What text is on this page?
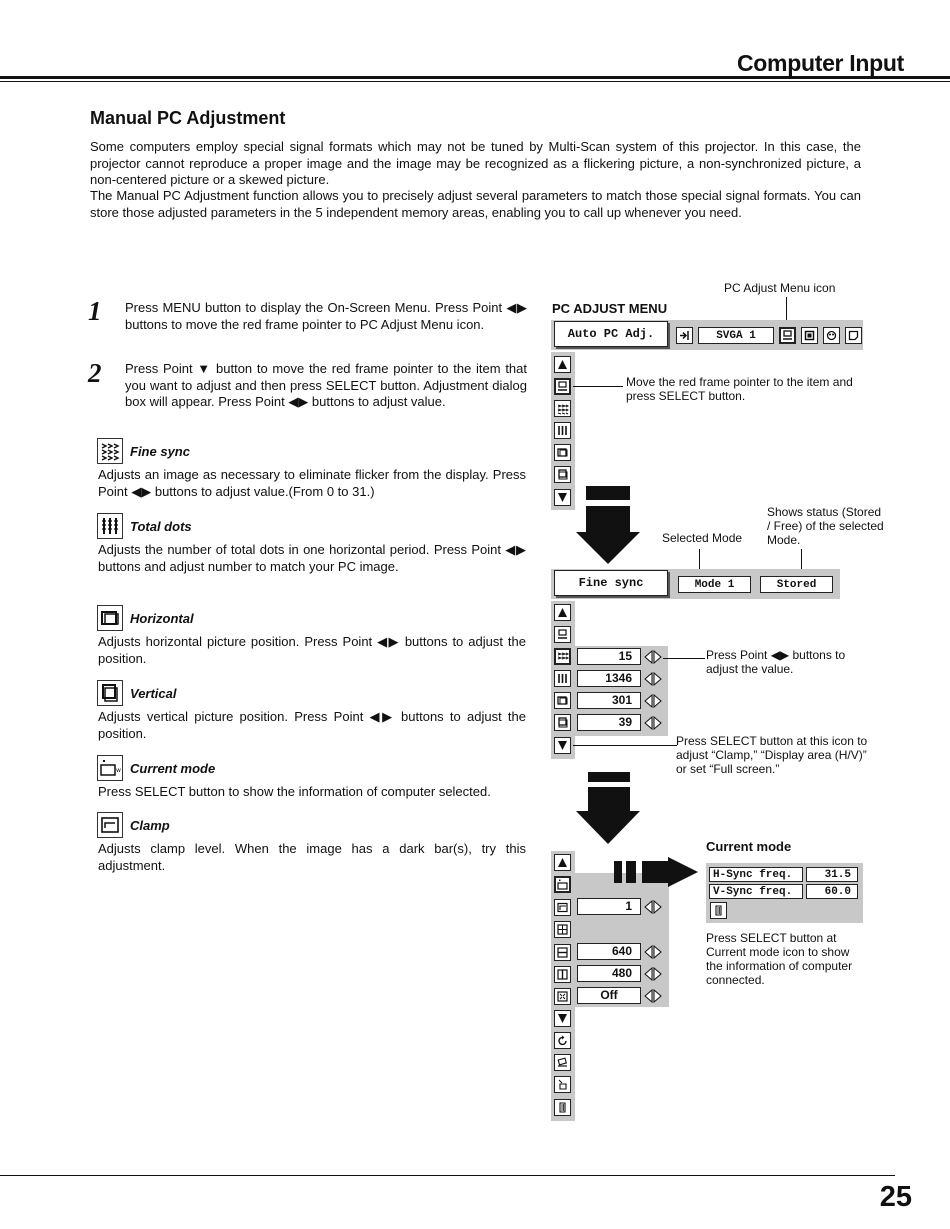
Computer Input
Manual PC Adjustment
Some computers employ special signal formats which may not be tuned by Multi-Scan system of this projector. In this case, the projector cannot reproduce a proper image and the image may be recognized as a flickering picture, a non-synchronized picture, a non-centered picture or a skewed picture.
The Manual PC Adjustment function allows you to precisely adjust several parameters to match those special signal formats. You can store those adjusted parameters in the 5 independent memory areas, enabling you to call up whenever you need.
1 Press MENU button to display the On-Screen Menu. Press Point ◀▶ buttons to move the red frame pointer to PC Adjust Menu icon.
2 Press Point ▼ button to move the red frame pointer to the item that you want to adjust and then press SELECT button. Adjustment dialog box will appear. Press Point ◀▶ buttons to adjust value.
Fine sync
Adjusts an image as necessary to eliminate flicker from the display. Press Point ◀▶ buttons to adjust value.(From 0 to 31.)
Total dots
Adjusts the number of total dots in one horizontal period. Press Point ◀▶ buttons and adjust number to match your PC image.
Horizontal
Adjusts horizontal picture position. Press Point ◀▶ buttons to adjust the position.
Vertical
Adjusts vertical picture position. Press Point ◀▶ buttons to adjust the position.
w Current mode
Press SELECT button to show the information of computer selected.
Clamp
Adjusts clamp level. When the image has a dark bar(s), try this adjustment.
PC Adjust Menu icon
PC ADJUST MENU
Auto PC Adj.	SVGA 1
Move the red frame pointer to the item and press SELECT button.
Shows status (Stored / Free) of the selected Mode.
Selected Mode
Fine sync	Mode 1	Stored
15
1346
301
39
Press Point ◀▶ buttons to adjust the value.
Press SELECT button at this icon to adjust “Clamp,” “Display area (H/V)” or set “Full screen.”
1
640
480
Off
Current mode
H-Sync freq.	31.5
V-Sync freq.	60.0
Press SELECT button at Current mode icon to show the information of computer connected.
25
